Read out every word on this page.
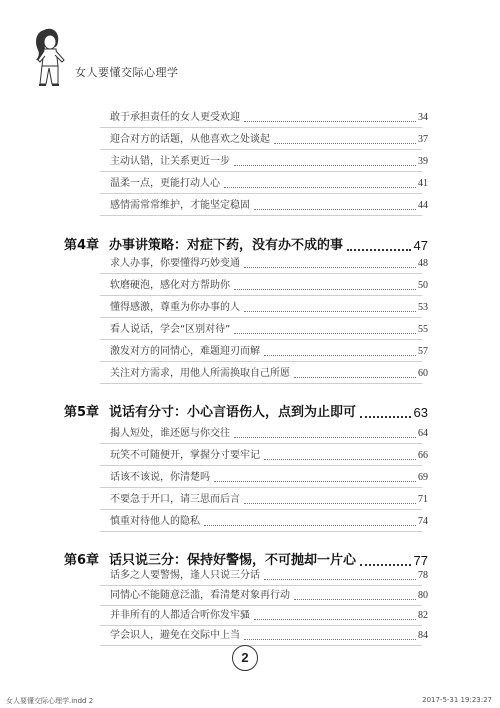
女人要懂交际心理学
敢于承担责任的女人更受欢迎	34
迎合对方的话题，从他喜欢之处谈起	37
主动认错，让关系更近一步	39
温柔一点，更能打动人心	41
感情需常常维护，才能坚定稳固	44
第4章 办事讲策略：对症下药，没有办不成的事	47
求人办事，你要懂得巧妙变通	48
软磨硬泡，感化对方帮助你	50
懂得感激，尊重为你办事的人	53
看人说话，学会“区别对待”	55
激发对方的同情心，难题迎刃而解	57
关注对方需求，用他人所需换取自己所愿	60
第5章 说话有分寸：小心言语伤人，点到为止即可	63
揭人短处，谁还愿与你交往	64
玩笑不可随便开，掌握分寸要牢记	66
话该不该说，你清楚吗	69
不要急于开口，请三思而后言	71
慎重对待他人的隐私	74
第6章 话只说三分：保持好警惕，不可抛却一片心	77
话多之人要警惕，逢人只说三分话	78
同情心不能随意泛滥，看清楚对象再行动	80
并非所有的人都适合听你发牢骚	82
学会识人，避免在交际中上当	84
2
女人要懂交际心理学.indd 2	2017-5-31 19:23:27
